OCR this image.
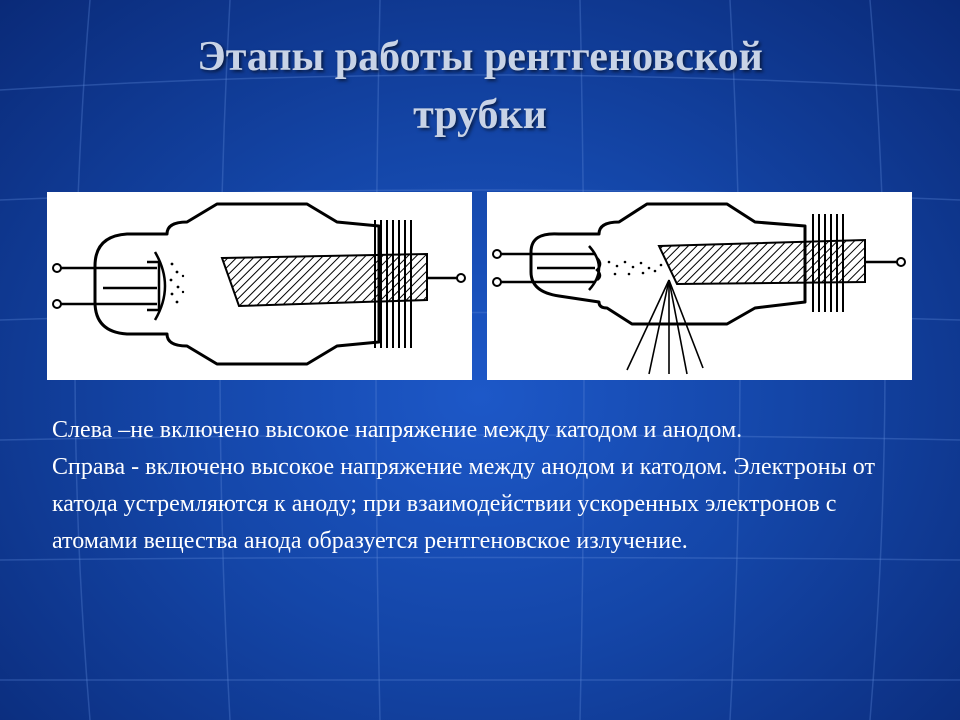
Этапы работы рентгеновской
трубки

Слева –не включено высокое напряжение между катодом и анодом.

Справа - включено высокое напряжение между анодом и катодом. Электроны от катода устремляются к аноду; при взаимодействии ускоренных электронов с атомами вещества анода образуется рентгеновское излучение.
